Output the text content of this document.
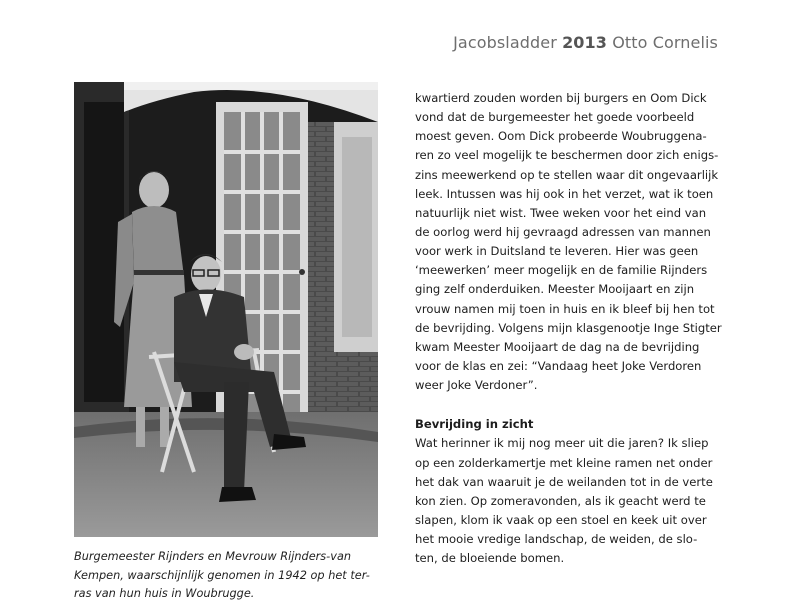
Jacobsladder 2013 Otto Cornelis
Burgemeester Rijnders en Mevrouw Rijnders-van
Kempen, waarschijnlijk genomen in 1942 op het ter-
ras van hun huis in Woubrugge.
kwartierd zouden worden bij burgers en Oom Dick
vond dat de burgemeester het goede voorbeeld
moest geven. Oom Dick probeerde Woubruggena-
ren zo veel mogelijk te beschermen door zich enigs-
zins meewerkend op te stellen waar dit ongevaarlijk
leek. Intussen was hij ook in het verzet, wat ik toen
natuurlijk niet wist. Twee weken voor het eind van
de oorlog werd hij gevraagd adressen van mannen
voor werk in Duitsland te leveren. Hier was geen
‘meewerken’ meer mogelijk en de familie Rijnders
ging zelf onderduiken. Meester Mooijaart en zijn
vrouw namen mij toen in huis en ik bleef bij hen tot
de bevrijding. Volgens mijn klasgenootje Inge Stigter
kwam Meester Mooijaart de dag na de bevrijding
voor de klas en zei: “Vandaag heet Joke Verdoren
weer Joke Verdoner”.
Bevrijding in zicht
Wat herinner ik mij nog meer uit die jaren? Ik sliep
op een zolderkamertje met kleine ramen net onder
het dak van waaruit je de weilanden tot in de verte
kon zien. Op zomeravonden, als ik geacht werd te
slapen, klom ik vaak op een stoel en keek uit over
het mooie vredige landschap, de weiden, de slo-
ten, de bloeiende bomen.
